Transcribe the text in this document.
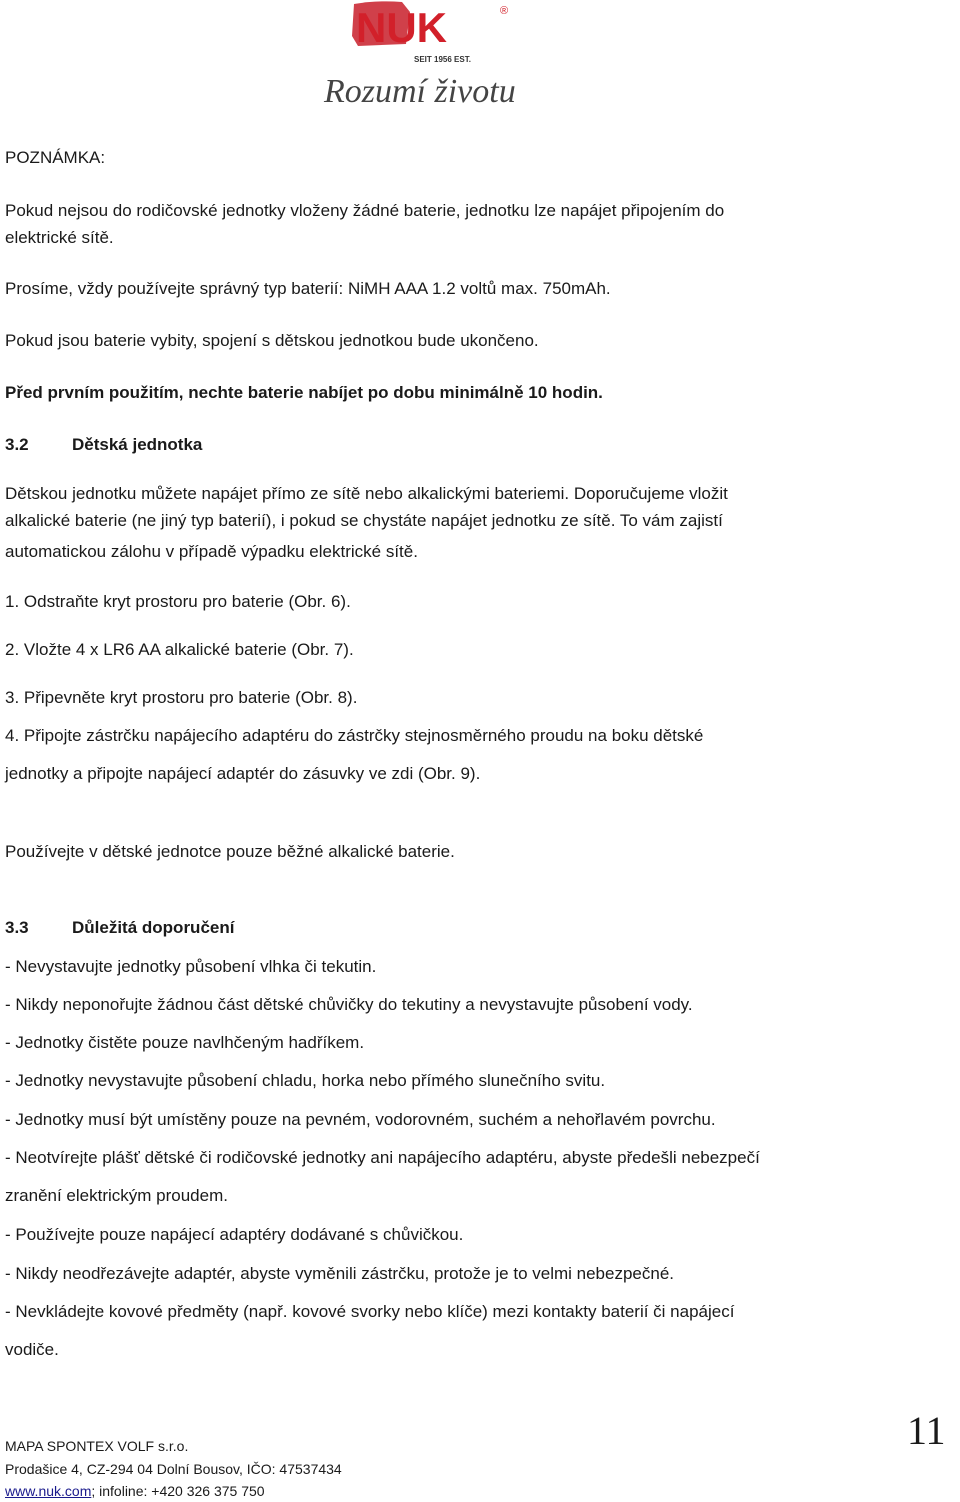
NUK	®
SEIT 1956 EST.
Rozumí životu
POZNÁMKA:
Pokud nejsou do rodičovské jednotky vloženy žádné baterie, jednotku lze napájet připojením do
elektrické sítě.
Prosíme, vždy používejte správný typ baterií: NiMH AAA 1.2 voltů max. 750mAh.
Pokud jsou baterie vybity, spojení s dětskou jednotkou bude ukončeno.
Před prvním použitím, nechte baterie nabíjet po dobu minimálně 10 hodin.
3.2	Dětská jednotka
Dětskou jednotku můžete napájet přímo ze sítě nebo alkalickými bateriemi. Doporučujeme vložit
alkalické baterie (ne jiný typ baterií), i pokud se chystáte napájet jednotku ze sítě. To vám zajistí
automatickou zálohu v případě výpadku elektrické sítě.
1. Odstraňte kryt prostoru pro baterie (Obr. 6).
2. Vložte 4 x LR6 AA alkalické baterie (Obr. 7).
3. Připevněte kryt prostoru pro baterie (Obr. 8).
4. Připojte zástrčku napájecího adaptéru do zástrčky stejnosměrného proudu na boku dětské
jednotky a připojte napájecí adaptér do zásuvky ve zdi (Obr. 9).
Používejte v dětské jednotce pouze běžné alkalické baterie.
3.3	Důležitá doporučení
- Nevystavujte jednotky působení vlhka či tekutin.
- Nikdy neponořujte žádnou část dětské chůvičky do tekutiny a nevystavujte působení vody.
- Jednotky čistěte pouze navlhčeným hadříkem.
- Jednotky nevystavujte působení chladu, horka nebo přímého slunečního svitu.
- Jednotky musí být umístěny pouze na pevném, vodorovném, suchém a nehořlavém povrchu.
- Neotvírejte plášť dětské či rodičovské jednotky ani napájecího adaptéru, abyste předešli nebezpečí
zranění elektrickým proudem.
- Používejte pouze napájecí adaptéry dodávané s chůvičkou.
- Nikdy neodřezávejte adaptér, abyste vyměnili zástrčku, protože je to velmi nebezpečné.
- Nevkládejte kovové předměty (např. kovové svorky nebo klíče) mezi kontakty baterií či napájecí
vodiče.
MAPA SPONTEX VOLF s.r.o.
Prodašice 4, CZ-294 04 Dolní Bousov, IČO: 47537434
www.nuk.com; infoline: +420 326 375 750
11
